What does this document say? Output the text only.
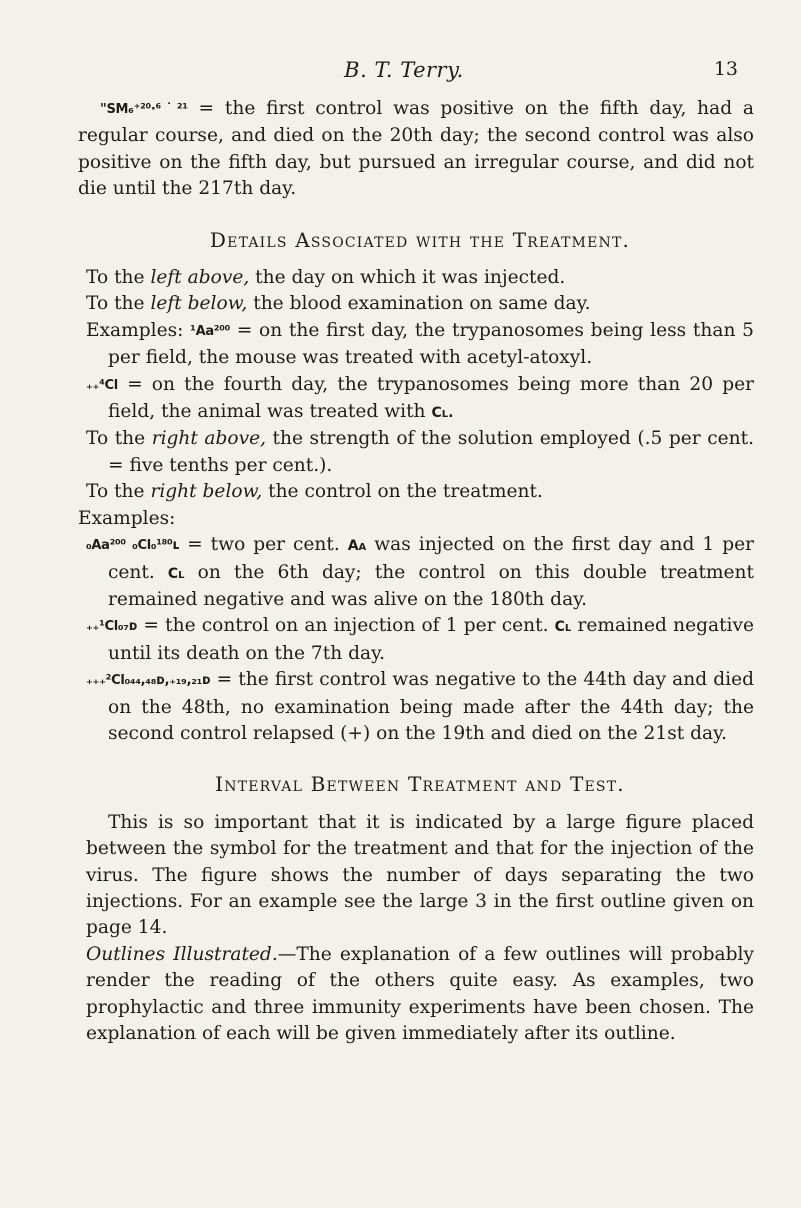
B. T. Terry.	13

"SM₆⁺²⁰·⁶˙²¹ = the first control was positive on the fifth day, had a regular course, and died on the 20th day; the second control was also positive on the fifth day, but pursued an irregular course, and did not die until the 217th day.

Details Associated with the Treatment.

To the left above, the day on which it was injected.

To the left below, the blood examination on same day.

Examples: ¹Aa²⁰⁰ = on the first day, the trypanosomes being less than 5 per field, the mouse was treated with acetyl-atoxyl.

₊₊⁴Cl = on the fourth day, the trypanosomes being more than 20 per field, the animal was treated with Cl.

To the right above, the strength of the solution employed (.5 per cent. = five tenths per cent.).

To the right below, the control on the treatment.

Examples:

₀Aa²⁰⁰ ₀Cl₀¹⁸⁰ʟ = two per cent. Aa was injected on the first day and 1 per cent. Cl on the 6th day; the control on this double treatment remained negative and was alive on the 180th day.

₊₊¹Cl₀₇ᴅ = the control on an injection of 1 per cent. Cl remained negative until its death on the 7th day.

₊₊₊²Cl₀₄₄,₄₈ᴅ,₊₁₉,₂₁ᴅ = the first control was negative to the 44th day and died on the 48th, no examination being made after the 44th day; the second control relapsed (+) on the 19th and died on the 21st day.

Interval Between Treatment and Test.

This is so important that it is indicated by a large figure placed between the symbol for the treatment and that for the injection of the virus. The figure shows the number of days separating the two injections. For an example see the large 3 in the first outline given on page 14.

Outlines Illustrated.—The explanation of a few outlines will probably render the reading of the others quite easy. As examples, two prophylactic and three immunity experiments have been chosen. The explanation of each will be given immediately after its outline.
